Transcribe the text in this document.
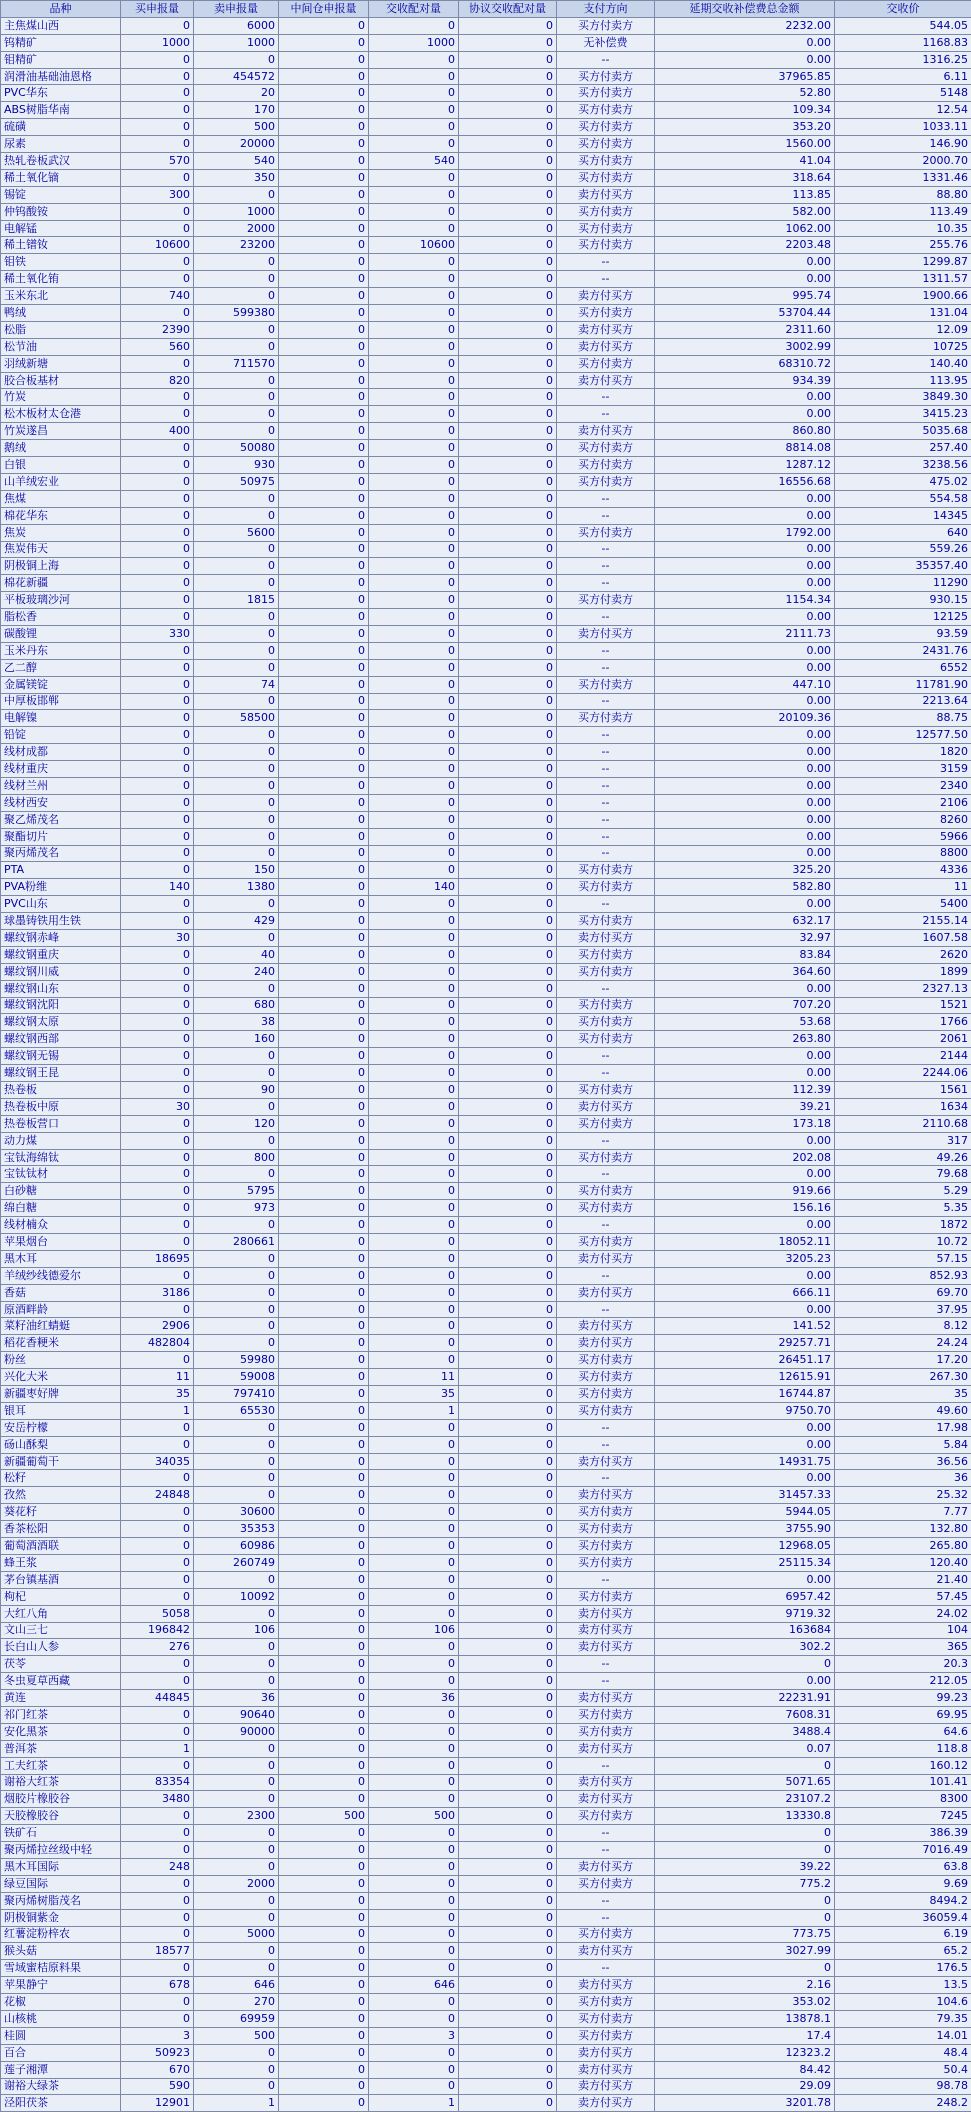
品种	买申报量	卖申报量	中间仓申报量	交收配对量	协议交收配对量	支付方向	延期交收补偿费总金额	交收价
主焦煤山西	0	6000	0	0	0	买方付卖方	2232.00	544.05
钨精矿	1000	1000	0	1000	0	无补偿费	0.00	1168.83
钼精矿	0	0	0	0	0	--	0.00	1316.25
润滑油基础油恩格	0	454572	0	0	0	买方付卖方	37965.85	6.11
PVC华东	0	20	0	0	0	买方付卖方	52.80	5148
ABS树脂华南	0	170	0	0	0	买方付卖方	109.34	12.54
硫磺	0	500	0	0	0	买方付卖方	353.20	1033.11
尿素	0	20000	0	0	0	买方付卖方	1560.00	146.90
热轧卷板武汉	570	540	0	540	0	买方付卖方	41.04	2000.70
稀土氧化镝	0	350	0	0	0	买方付卖方	318.64	1331.46
锡锭	300	0	0	0	0	卖方付买方	113.85	88.80
仲钨酸铵	0	1000	0	0	0	买方付卖方	582.00	113.49
电解锰	0	2000	0	0	0	买方付卖方	1062.00	10.35
稀土镨钕	10600	23200	0	10600	0	买方付卖方	2203.48	255.76
钼铁	0	0	0	0	0	--	0.00	1299.87
稀土氧化铕	0	0	0	0	0	--	0.00	1311.57
玉米东北	740	0	0	0	0	卖方付买方	995.74	1900.66
鸭绒	0	599380	0	0	0	买方付卖方	53704.44	131.04
松脂	2390	0	0	0	0	卖方付买方	2311.60	12.09
松节油	560	0	0	0	0	卖方付买方	3002.99	10725
羽绒新塘	0	711570	0	0	0	买方付卖方	68310.72	140.40
胶合板基材	820	0	0	0	0	卖方付买方	934.39	113.95
竹炭	0	0	0	0	0	--	0.00	3849.30
松木板材太仓港	0	0	0	0	0	--	0.00	3415.23
竹炭遂昌	400	0	0	0	0	卖方付买方	860.80	5035.68
鹅绒	0	50080	0	0	0	买方付卖方	8814.08	257.40
白银	0	930	0	0	0	买方付卖方	1287.12	3238.56
山羊绒宏业	0	50975	0	0	0	买方付卖方	16556.68	475.02
焦煤	0	0	0	0	0	--	0.00	554.58
棉花华东	0	0	0	0	0	--	0.00	14345
焦炭	0	5600	0	0	0	买方付卖方	1792.00	640
焦炭伟天	0	0	0	0	0	--	0.00	559.26
阴极铜上海	0	0	0	0	0	--	0.00	35357.40
棉花新疆	0	0	0	0	0	--	0.00	11290
平板玻璃沙河	0	1815	0	0	0	买方付卖方	1154.34	930.15
脂松香	0	0	0	0	0	--	0.00	12125
碳酸锂	330	0	0	0	0	卖方付买方	2111.73	93.59
玉米丹东	0	0	0	0	0	--	0.00	2431.76
乙二醇	0	0	0	0	0	--	0.00	6552
金属镁锭	0	74	0	0	0	买方付卖方	447.10	11781.90
中厚板邯郸	0	0	0	0	0	--	0.00	2213.64
电解镍	0	58500	0	0	0	买方付卖方	20109.36	88.75
铅锭	0	0	0	0	0	--	0.00	12577.50
线材成都	0	0	0	0	0	--	0.00	1820
线材重庆	0	0	0	0	0	--	0.00	3159
线材兰州	0	0	0	0	0	--	0.00	2340
线材西安	0	0	0	0	0	--	0.00	2106
聚乙烯茂名	0	0	0	0	0	--	0.00	8260
聚酯切片	0	0	0	0	0	--	0.00	5966
聚丙烯茂名	0	0	0	0	0	--	0.00	8800
PTA	0	150	0	0	0	买方付卖方	325.20	4336
PVA粉维	140	1380	0	140	0	买方付卖方	582.80	11
PVC山东	0	0	0	0	0	--	0.00	5400
球墨铸铁用生铁	0	429	0	0	0	买方付卖方	632.17	2155.14
螺纹钢赤峰	30	0	0	0	0	卖方付买方	32.97	1607.58
螺纹钢重庆	0	40	0	0	0	买方付卖方	83.84	2620
螺纹钢川威	0	240	0	0	0	买方付卖方	364.60	1899
螺纹钢山东	0	0	0	0	0	--	0.00	2327.13
螺纹钢沈阳	0	680	0	0	0	买方付卖方	707.20	1521
螺纹钢太原	0	38	0	0	0	买方付卖方	53.68	1766
螺纹钢西部	0	160	0	0	0	买方付卖方	263.80	2061
螺纹钢无锡	0	0	0	0	0	--	0.00	2144
螺纹钢王昆	0	0	0	0	0	--	0.00	2244.06
热卷板	0	90	0	0	0	买方付卖方	112.39	1561
热卷板中原	30	0	0	0	0	卖方付买方	39.21	1634
热卷板营口	0	120	0	0	0	买方付卖方	173.18	2110.68
动力煤	0	0	0	0	0	--	0.00	317
宝钛海绵钛	0	800	0	0	0	买方付卖方	202.08	49.26
宝钛钛材	0	0	0	0	0	--	0.00	79.68
白砂糖	0	5795	0	0	0	买方付卖方	919.66	5.29
绵白糖	0	973	0	0	0	买方付卖方	156.16	5.35
线材楠众	0	0	0	0	0	--	0.00	1872
苹果烟台	0	280661	0	0	0	买方付卖方	18052.11	10.72
黑木耳	18695	0	0	0	0	卖方付买方	3205.23	57.15
羊绒纱线德爱尔	0	0	0	0	0	--	0.00	852.93
香菇	3186	0	0	0	0	卖方付买方	666.11	69.70
原酒畔龄	0	0	0	0	0	--	0.00	37.95
菜籽油红蜻蜓	2906	0	0	0	0	卖方付买方	141.52	8.12
稻花香粳米	482804	0	0	0	0	卖方付买方	29257.71	24.24
粉丝	0	59980	0	0	0	买方付卖方	26451.17	17.20
兴化大米	11	59008	0	11	0	买方付卖方	12615.91	267.30
新疆枣好牌	35	797410	0	35	0	买方付卖方	16744.87	35
银耳	1	65530	0	1	0	买方付卖方	9750.70	49.60
安岳柠檬	0	0	0	0	0	--	0.00	17.98
砀山酥梨	0	0	0	0	0	--	0.00	5.84
新疆葡萄干	34035	0	0	0	0	卖方付买方	14931.75	36.56
松籽	0	0	0	0	0	--	0.00	36
孜然	24848	0	0	0	0	卖方付买方	31457.33	25.32
葵花籽	0	30600	0	0	0	买方付卖方	5944.05	7.77
香茶松阳	0	35353	0	0	0	买方付卖方	3755.90	132.80
葡萄酒酒联	0	60986	0	0	0	买方付卖方	12968.05	265.80
蜂王浆	0	260749	0	0	0	买方付卖方	25115.34	120.40
茅台镇基酒	0	0	0	0	0	--	0.00	21.40
枸杞	0	10092	0	0	0	买方付卖方	6957.42	57.45
大红八角	5058	0	0	0	0	卖方付买方	9719.32	24.02
文山三七	196842	106	0	106	0	卖方付买方	163684	104
长白山人参	276	0	0	0	0	卖方付买方	302.2	365
茯苓	0	0	0	0	0	--	0	20.3
冬虫夏草西藏	0	0	0	0	0	--	0.00	212.05
黄连	44845	36	0	36	0	卖方付买方	22231.91	99.23
祁门红茶	0	90640	0	0	0	买方付卖方	7608.31	69.95
安化黑茶	0	90000	0	0	0	买方付卖方	3488.4	64.6
普洱茶	1	0	0	0	0	卖方付买方	0.07	118.8
工夫红茶	0	0	0	0	0	--	0	160.12
谢裕大红茶	83354	0	0	0	0	卖方付买方	5071.65	101.41
烟胶片橡胶谷	3480	0	0	0	0	卖方付买方	23107.2	8300
天胶橡胶谷	0	2300	500	500	0	买方付卖方	13330.8	7245
铁矿石	0	0	0	0	0	--	0	386.39
聚丙烯拉丝级中轻	0	0	0	0	0	--	0	7016.49
黑木耳国际	248	0	0	0	0	卖方付买方	39.22	63.8
绿豆国际	0	2000	0	0	0	买方付卖方	775.2	9.69
聚丙烯树脂茂名	0	0	0	0	0	--	0	8494.2
阴极铜紫金	0	0	0	0	0	--	0	36059.4
红薯淀粉梓农	0	5000	0	0	0	买方付卖方	773.75	6.19
猴头菇	18577	0	0	0	0	卖方付买方	3027.99	65.2
雪域蜜桔原料果	0	0	0	0	0	--	0	176.5
苹果静宁	678	646	0	646	0	卖方付买方	2.16	13.5
花椒	0	270	0	0	0	买方付卖方	353.02	104.6
山核桃	0	69959	0	0	0	买方付卖方	13878.1	79.35
桂圆	3	500	0	3	0	买方付卖方	17.4	14.01
百合	50923	0	0	0	0	卖方付买方	12323.2	48.4
莲子湘潭	670	0	0	0	0	卖方付买方	84.42	50.4
谢裕大绿茶	590	0	0	0	0	卖方付买方	29.09	98.78
泾阳茯茶	12901	1	0	1	0	卖方付买方	3201.78	248.2
